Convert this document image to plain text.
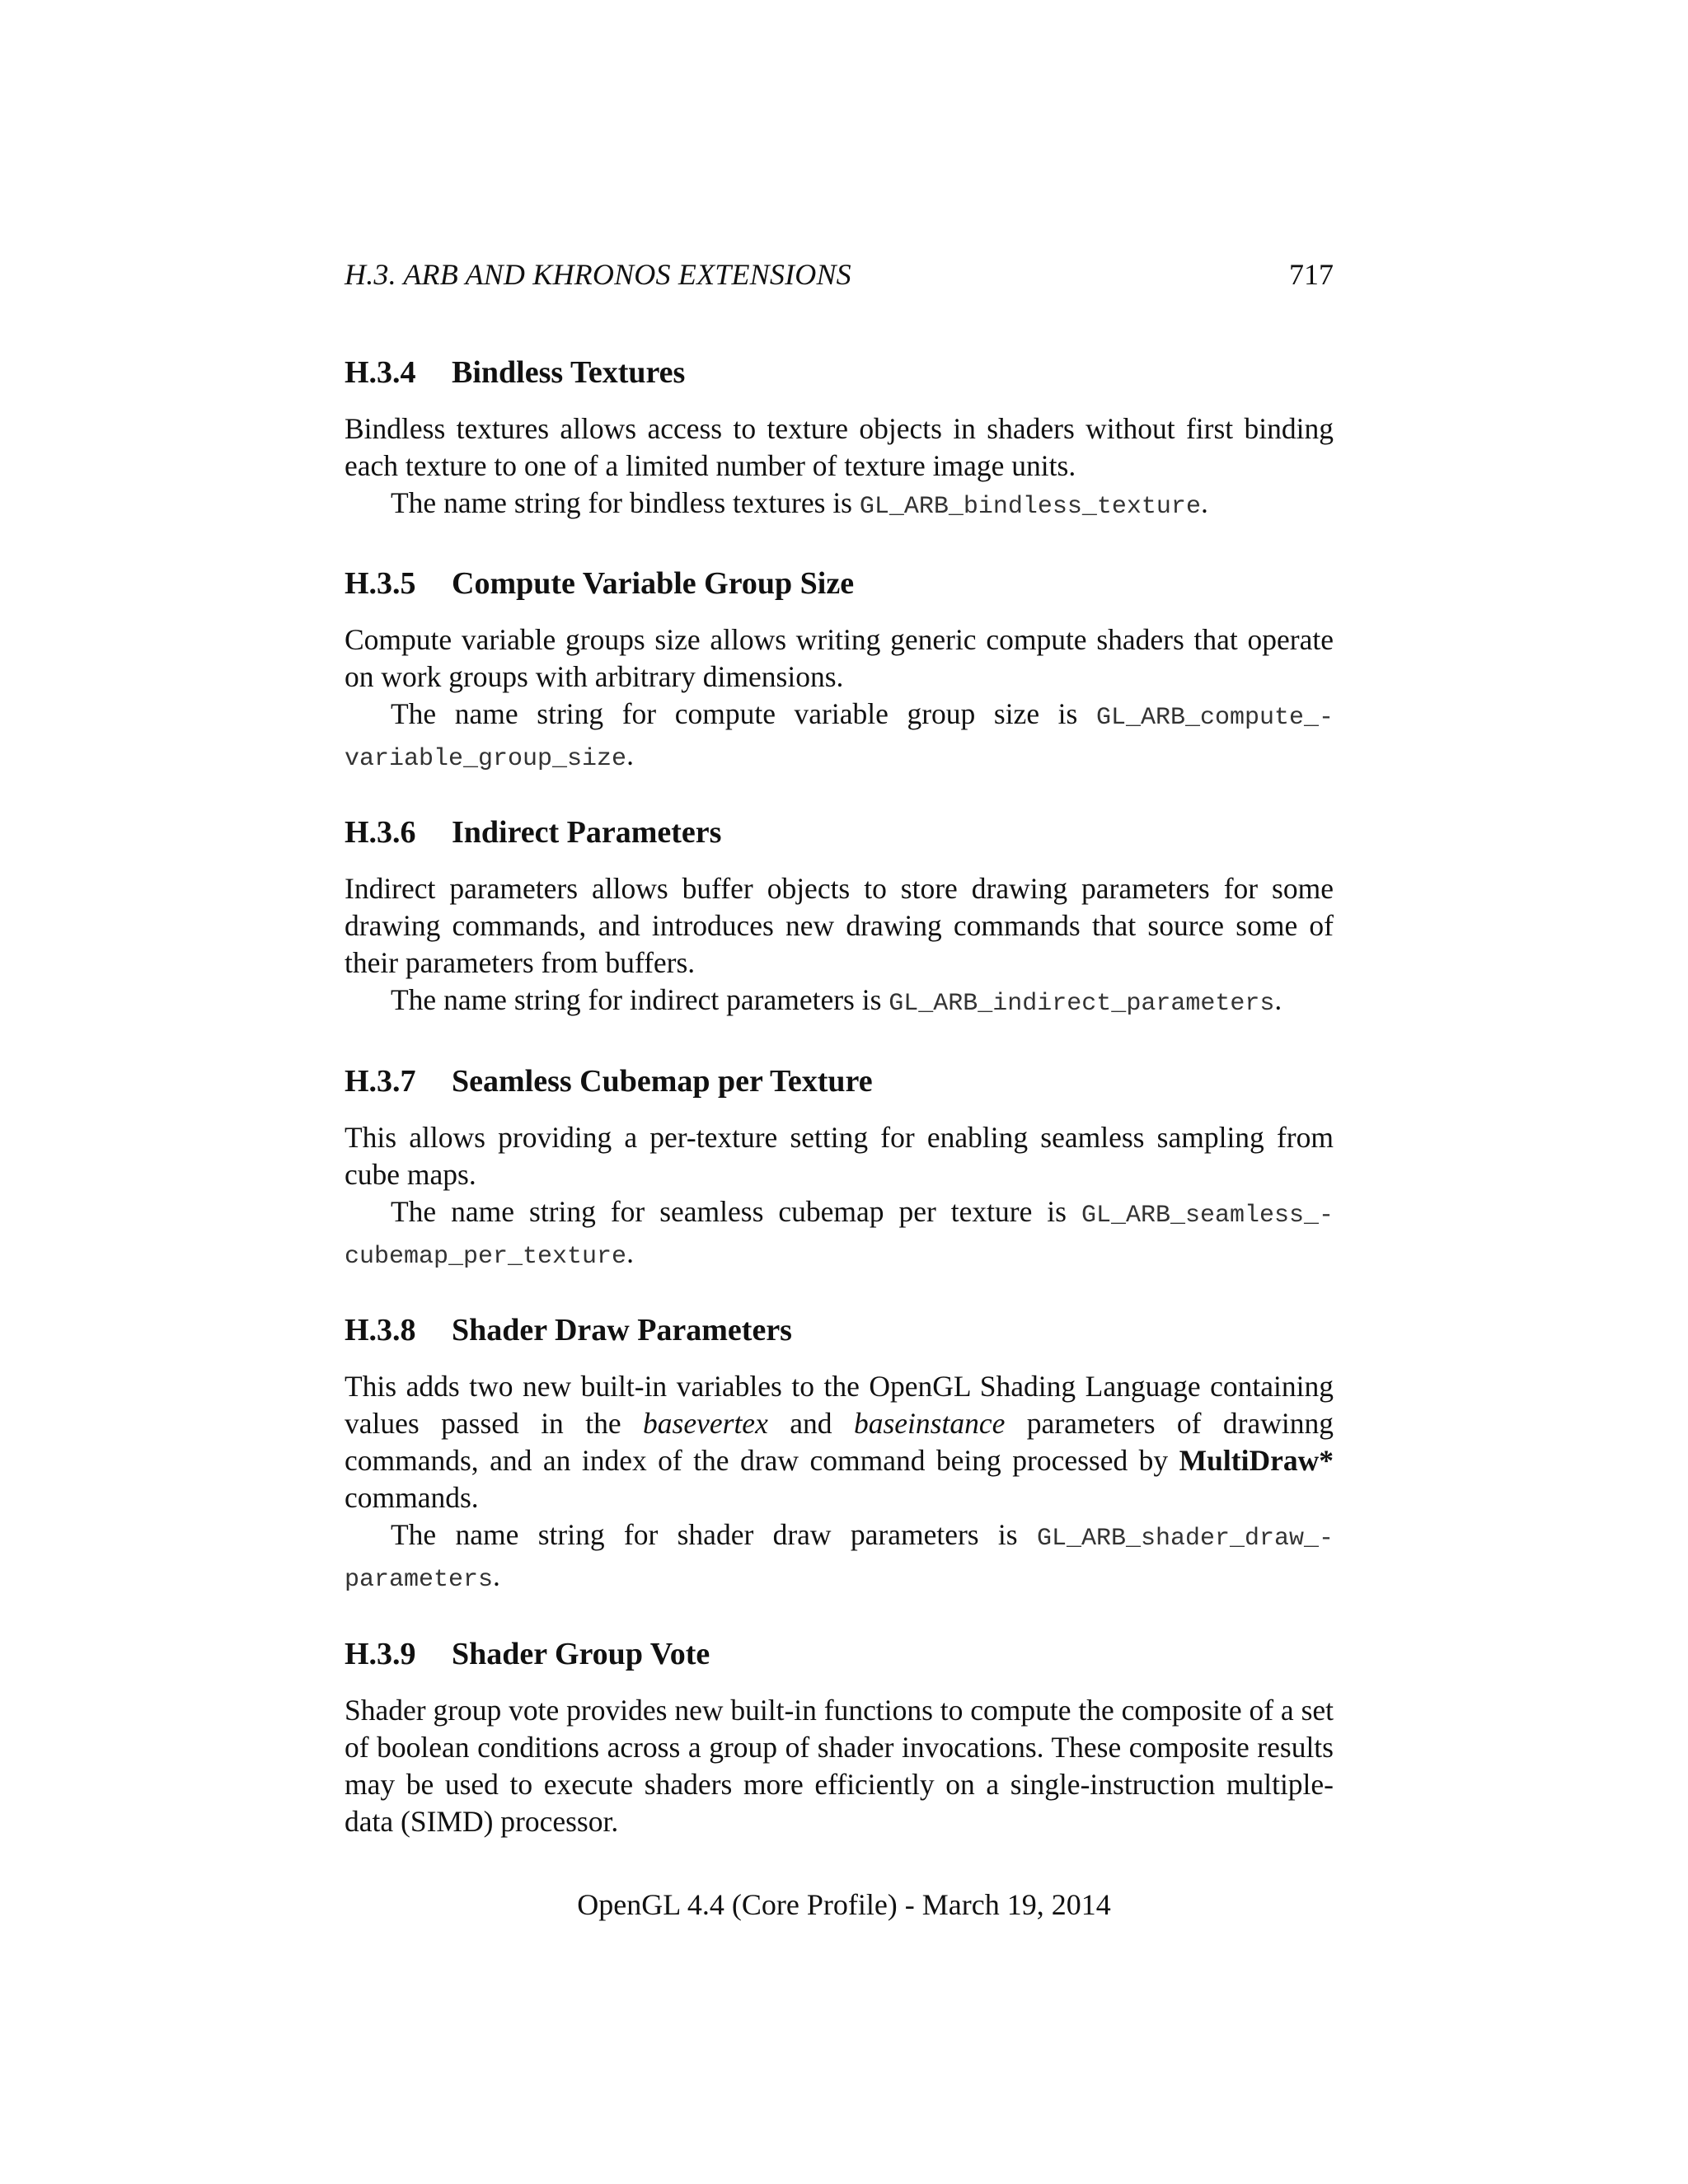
H.3. ARB AND KHRONOS EXTENSIONS	717
H.3.4 Bindless Textures

Bindless textures allows access to texture objects in shaders without first binding each texture to one of a limited number of texture image units.

The name string for bindless textures is GL_ARB_bindless_texture.

H.3.5 Compute Variable Group Size

Compute variable groups size allows writing generic compute shaders that operate on work groups with arbitrary dimensions.

The name string for compute variable group size is GL_ARB_compute_-

variable_group_size.

H.3.6 Indirect Parameters

Indirect parameters allows buffer objects to store drawing parameters for some drawing commands, and introduces new drawing commands that source some of their parameters from buffers.

The name string for indirect parameters is GL_ARB_indirect_parameters.

H.3.7 Seamless Cubemap per Texture

This allows providing a per-texture setting for enabling seamless sampling from cube maps.

The name string for seamless cubemap per texture is GL_ARB_seamless_-

cubemap_per_texture.

H.3.8 Shader Draw Parameters

This adds two new built-in variables to the OpenGL Shading Language containing values passed in the basevertex and baseinstance parameters of drawinng commands, and an index of the draw command being processed by MultiDraw* commands.

The name string for shader draw parameters is GL_ARB_shader_draw_-

parameters.

H.3.9 Shader Group Vote

Shader group vote provides new built-in functions to compute the composite of a set of boolean conditions across a group of shader invocations. These composite results may be used to execute shaders more efficiently on a single-instruction multiple-data (SIMD) processor.

OpenGL 4.4 (Core Profile) - March 19, 2014
